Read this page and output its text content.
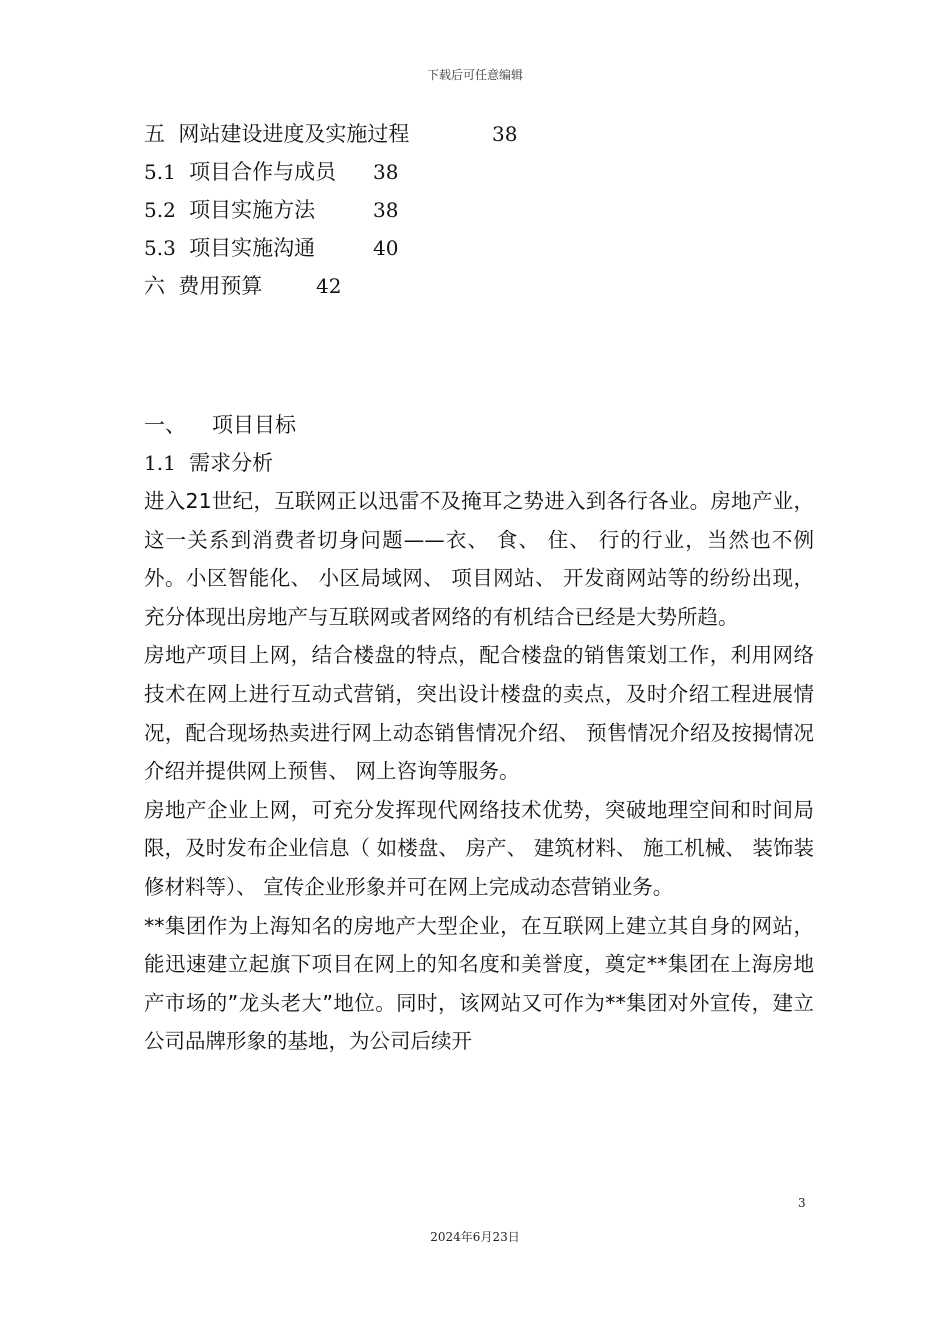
下载后可任意编辑
五 网站建设进度及实施过程	38
5.1 项目合作与成员 38
5.2 项目实施方法	38
5.3 项目实施沟通	40
六 费用预算	42
一、 项目目标
1.1 需求分析

进入21世纪，互联网正以迅雷不及掩耳之势进入到各行各业。房地产业，这一关系到消费者切身问题——衣、 食、 住、 行的行业，当然也不例外。小区智能化、 小区局域网、 项目网站、 开发商网站等的纷纷出现，充分体现出房地产与互联网或者网络的有机结合已经是大势所趋。

房地产项目上网，结合楼盘的特点，配合楼盘的销售策划工作，利用网络技术在网上进行互动式营销，突出设计楼盘的卖点，及时介绍工程进展情况，配合现场热卖进行网上动态销售情况介绍、 预售情况介绍及按揭情况介绍并提供网上预售、 网上咨询等服务。

房地产企业上网，可充分发挥现代网络技术优势，突破地理空间和时间局限，及时发布企业信息（ 如楼盘、 房产、 建筑材料、 施工机械、 装饰装修材料等）、 宣传企业形象并可在网上完成动态营销业务。

**集团作为上海知名的房地产大型企业，在互联网上建立其自身的网站，能迅速建立起旗下项目在网上的知名度和美誉度，奠定**集团在上海房地产市场的”龙头老大”地位。同时，该网站又可作为**集团对外宣传，建立公司品牌形象的基地，为公司后续开

3
2024年6月23日
